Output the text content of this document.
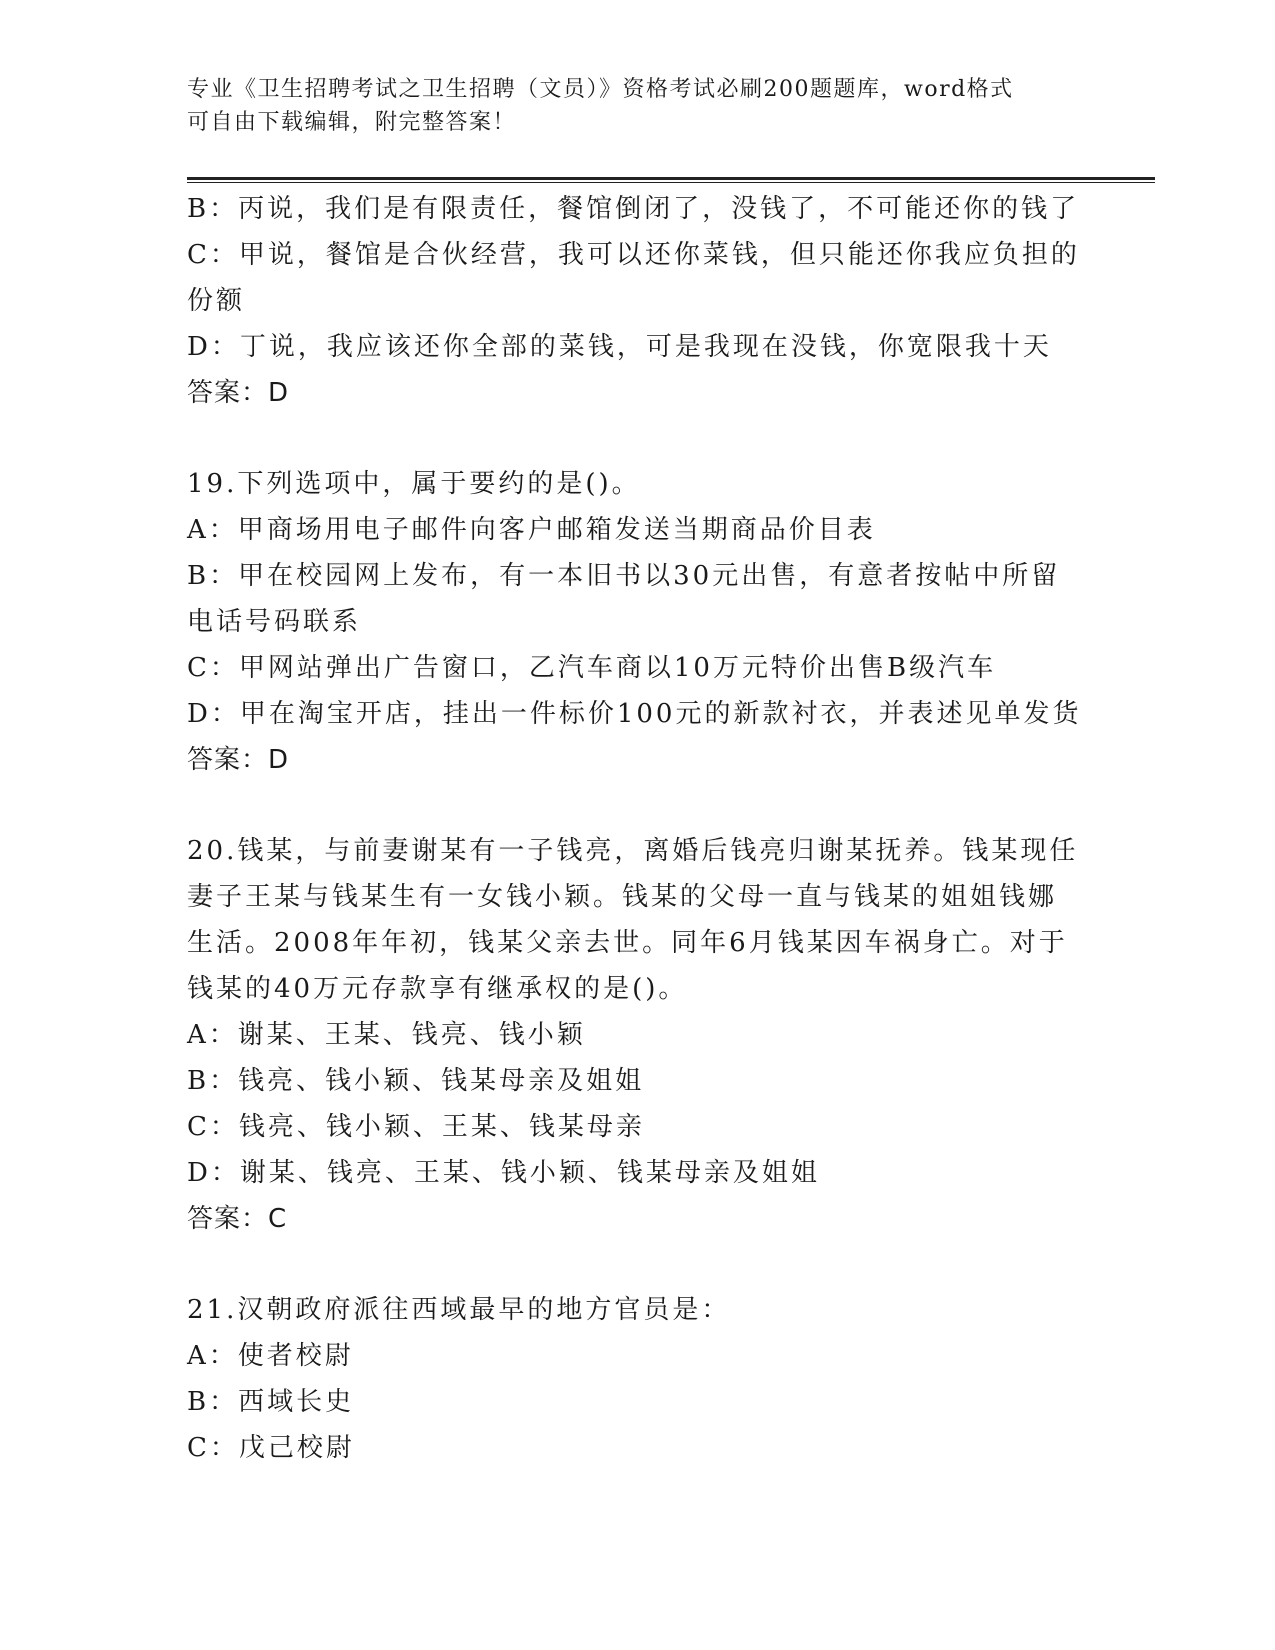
专业《卫生招聘考试之卫生招聘（文员）》资格考试必刷200题题库，word格式
可自由下载编辑，附完整答案！
B：丙说，我们是有限责任，餐馆倒闭了，没钱了，不可能还你的钱了
C：甲说，餐馆是合伙经营，我可以还你菜钱，但只能还你我应负担的
份额
D：丁说，我应该还你全部的菜钱，可是我现在没钱，你宽限我十天
答案：D
19.下列选项中，属于要约的是()。
A：甲商场用电子邮件向客户邮箱发送当期商品价目表
B：甲在校园网上发布，有一本旧书以30元出售，有意者按帖中所留
电话号码联系
C：甲网站弹出广告窗口，乙汽车商以10万元特价出售B级汽车
D：甲在淘宝开店，挂出一件标价100元的新款衬衣，并表述见单发货
答案：D
20.钱某，与前妻谢某有一子钱亮，离婚后钱亮归谢某抚养。钱某现任
妻子王某与钱某生有一女钱小颖。钱某的父母一直与钱某的姐姐钱娜
生活。2008年年初，钱某父亲去世。同年6月钱某因车祸身亡。对于
钱某的40万元存款享有继承权的是()。
A：谢某、王某、钱亮、钱小颖
B：钱亮、钱小颖、钱某母亲及姐姐
C：钱亮、钱小颖、王某、钱某母亲
D：谢某、钱亮、王某、钱小颖、钱某母亲及姐姐
答案：C
21.汉朝政府派往西域最早的地方官员是：
A：使者校尉
B：西域长史
C：戊己校尉
